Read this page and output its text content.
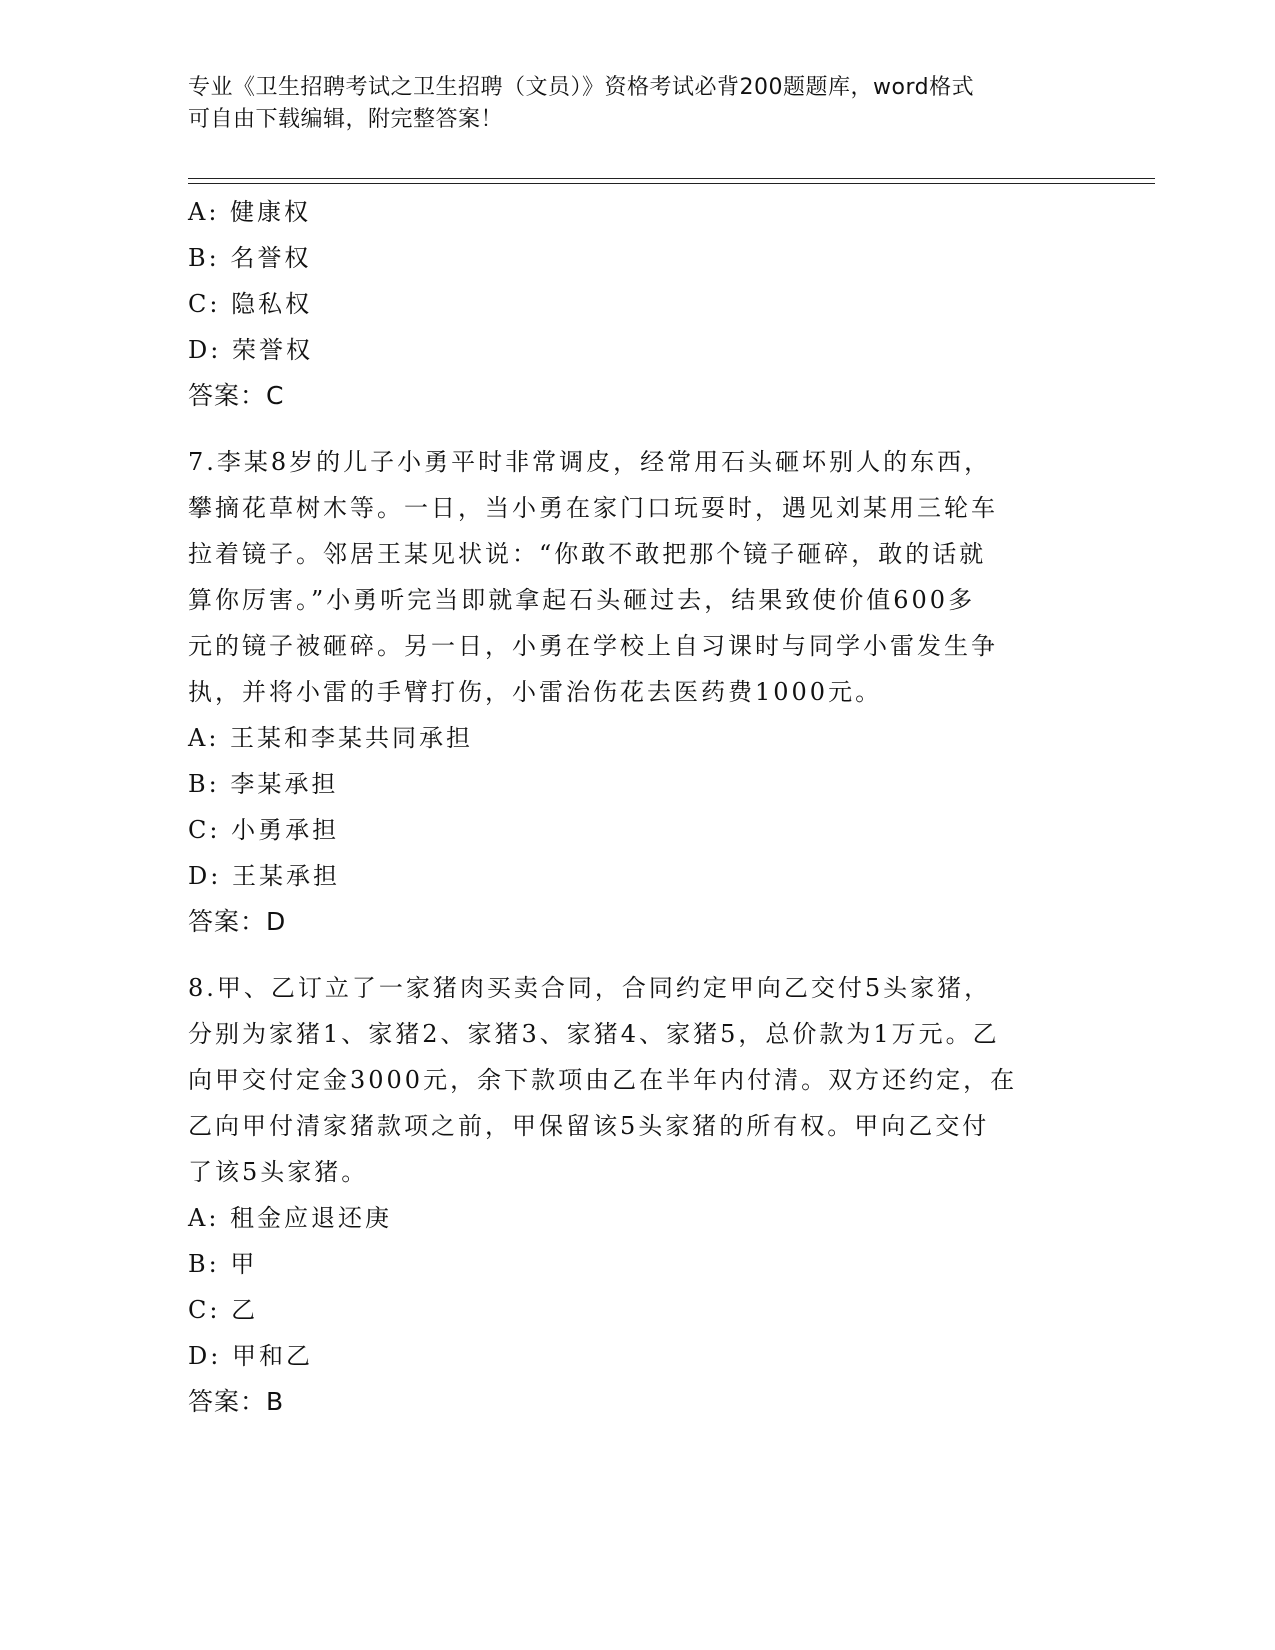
专业《卫生招聘考试之卫生招聘（文员）》资格考试必背200题题库，word格式
可自由下载编辑，附完整答案！
A: 健康权
B: 名誉权
C: 隐私权
D: 荣誉权
答案：C
7.李某8岁的儿子小勇平时非常调皮，经常用石头砸坏别人的东西，
攀摘花草树木等。一日，当小勇在家门口玩耍时，遇见刘某用三轮车
拉着镜子。邻居王某见状说：“你敢不敢把那个镜子砸碎，敢的话就
算你厉害。”小勇听完当即就拿起石头砸过去，结果致使价值600多
元的镜子被砸碎。另一日，小勇在学校上自习课时与同学小雷发生争
执，并将小雷的手臂打伤，小雷治伤花去医药费1000元。
A: 王某和李某共同承担
B: 李某承担
C: 小勇承担
D: 王某承担
答案：D
8.甲、乙订立了一家猪肉买卖合同，合同约定甲向乙交付5头家猪，
分别为家猪1、家猪2、家猪3、家猪4、家猪5，总价款为1万元。乙
向甲交付定金3000元，余下款项由乙在半年内付清。双方还约定，在
乙向甲付清家猪款项之前，甲保留该5头家猪的所有权。甲向乙交付
了该5头家猪。
A: 租金应退还庚
B: 甲
C: 乙
D: 甲和乙
答案：B
